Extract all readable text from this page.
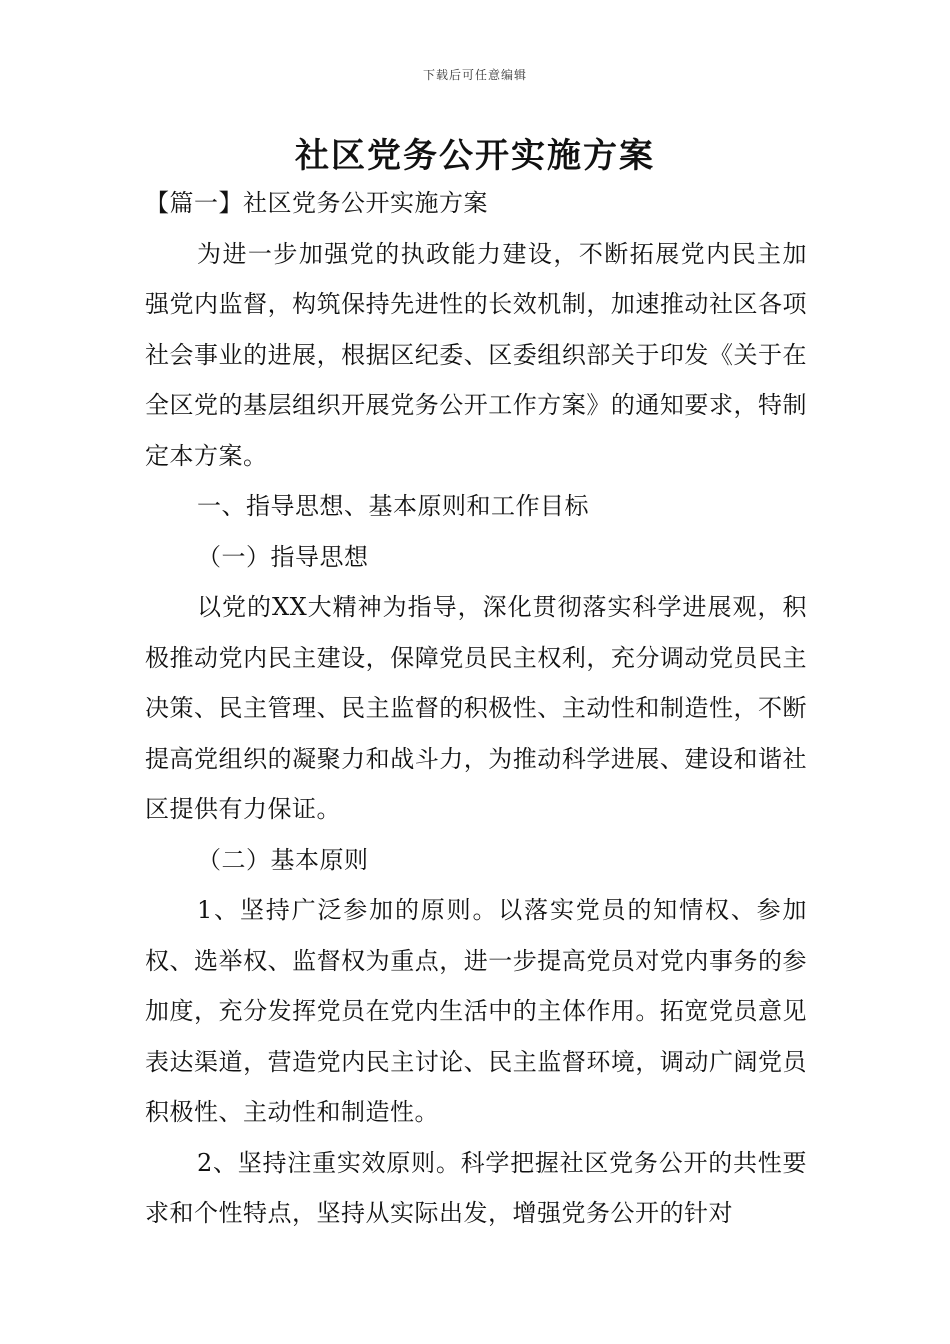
下载后可任意编辑
社区党务公开实施方案

【篇一】社区党务公开实施方案

为进一步加强党的执政能力建设，不断拓展党内民主加强党内监督，构筑保持先进性的长效机制，加速推动社区各项社会事业的进展，根据区纪委、区委组织部关于印发《关于在全区党的基层组织开展党务公开工作方案》的通知要求，特制定本方案。

一、指导思想、基本原则和工作目标

（一）指导思想

以党的XX大精神为指导，深化贯彻落实科学进展观，积极推动党内民主建设，保障党员民主权利，充分调动党员民主决策、民主管理、民主监督的积极性、主动性和制造性，不断提高党组织的凝聚力和战斗力，为推动科学进展、建设和谐社区提供有力保证。

（二）基本原则

1、坚持广泛参加的原则。以落实党员的知情权、参加权、选举权、监督权为重点，进一步提高党员对党内事务的参加度，充分发挥党员在党内生活中的主体作用。拓宽党员意见表达渠道，营造党内民主讨论、民主监督环境，调动广阔党员积极性、主动性和制造性。

2、坚持注重实效原则。科学把握社区党务公开的共性要求和个性特点，坚持从实际出发，增强党务公开的针对
